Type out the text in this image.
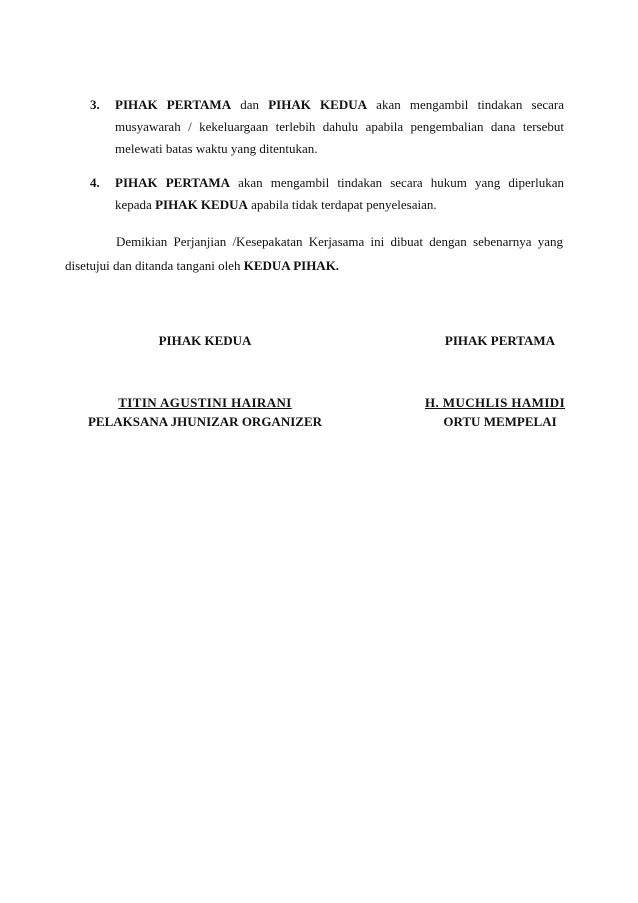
3.	PIHAK PERTAMA dan PIHAK KEDUA akan mengambil tindakan secara musyawarah / kekeluargaan terlebih dahulu apabila pengembalian dana tersebut melewati batas waktu yang ditentukan.
4.	PIHAK PERTAMA akan mengambil tindakan secara hukum yang diperlukan kepada PIHAK KEDUA apabila tidak terdapat penyelesaian.
Demikian Perjanjian /Kesepakatan Kerjasama ini dibuat dengan sebenarnya yang disetujui dan ditanda tangani oleh KEDUA PIHAK.
PIHAK KEDUA	PIHAK PERTAMA
TITIN AGUSTINI HAIRANI	H. MUCHLIS HAMIDI
PELAKSANA JHUNIZAR ORGANIZER	ORTU MEMPELAI
